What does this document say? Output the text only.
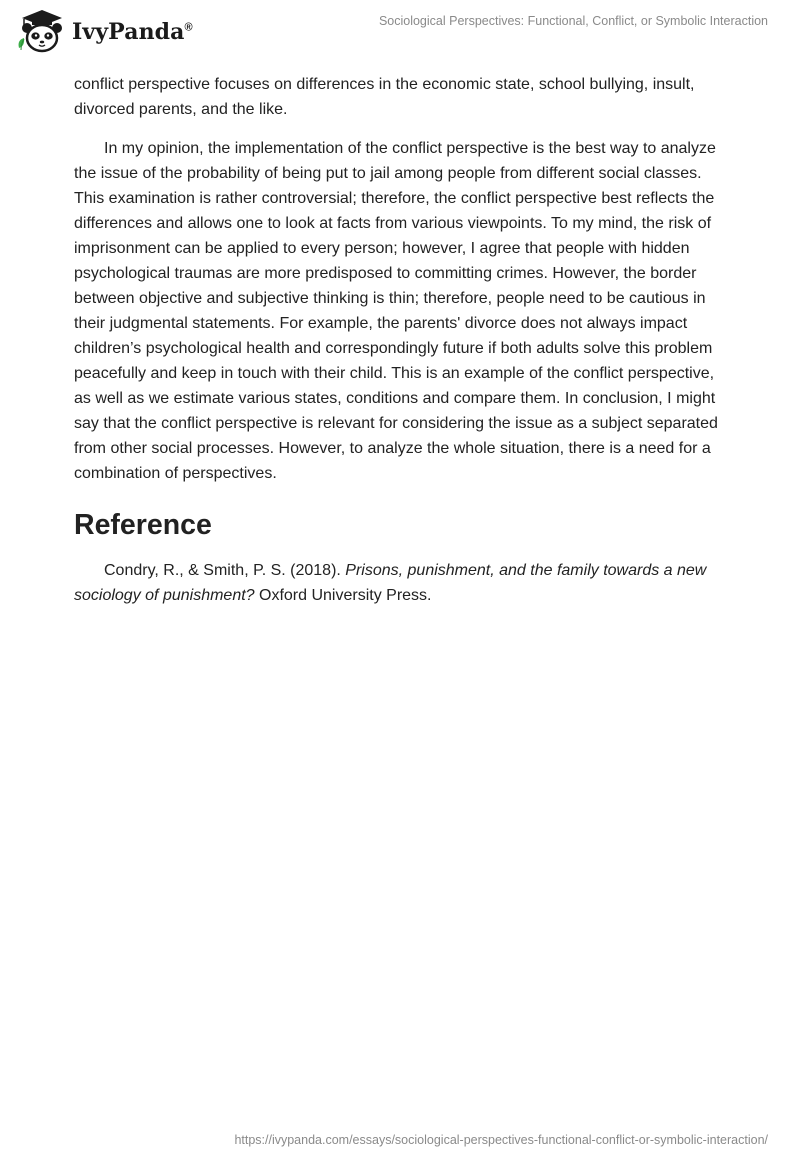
IvyPanda®	Sociological Perspectives: Functional, Conflict, or Symbolic Interaction

conflict perspective focuses on differences in the economic state, school bullying, insult, divorced parents, and the like.

In my opinion, the implementation of the conflict perspective is the best way to analyze the issue of the probability of being put to jail among people from different social classes. This examination is rather controversial; therefore, the conflict perspective best reflects the differences and allows one to look at facts from various viewpoints. To my mind, the risk of imprisonment can be applied to every person; however, I agree that people with hidden psychological traumas are more predisposed to committing crimes. However, the border between objective and subjective thinking is thin; therefore, people need to be cautious in their judgmental statements. For example, the parents' divorce does not always impact children’s psychological health and correspondingly future if both adults solve this problem peacefully and keep in touch with their child. This is an example of the conflict perspective, as well as we estimate various states, conditions and compare them. In conclusion, I might say that the conflict perspective is relevant for considering the issue as a subject separated from other social processes. However, to analyze the whole situation, there is a need for a combination of perspectives.

Reference

Condry, R., & Smith, P. S. (2018). Prisons, punishment, and the family towards a new sociology of punishment? Oxford University Press.

https://ivypanda.com/essays/sociological-perspectives-functional-conflict-or-symbolic-interaction/
